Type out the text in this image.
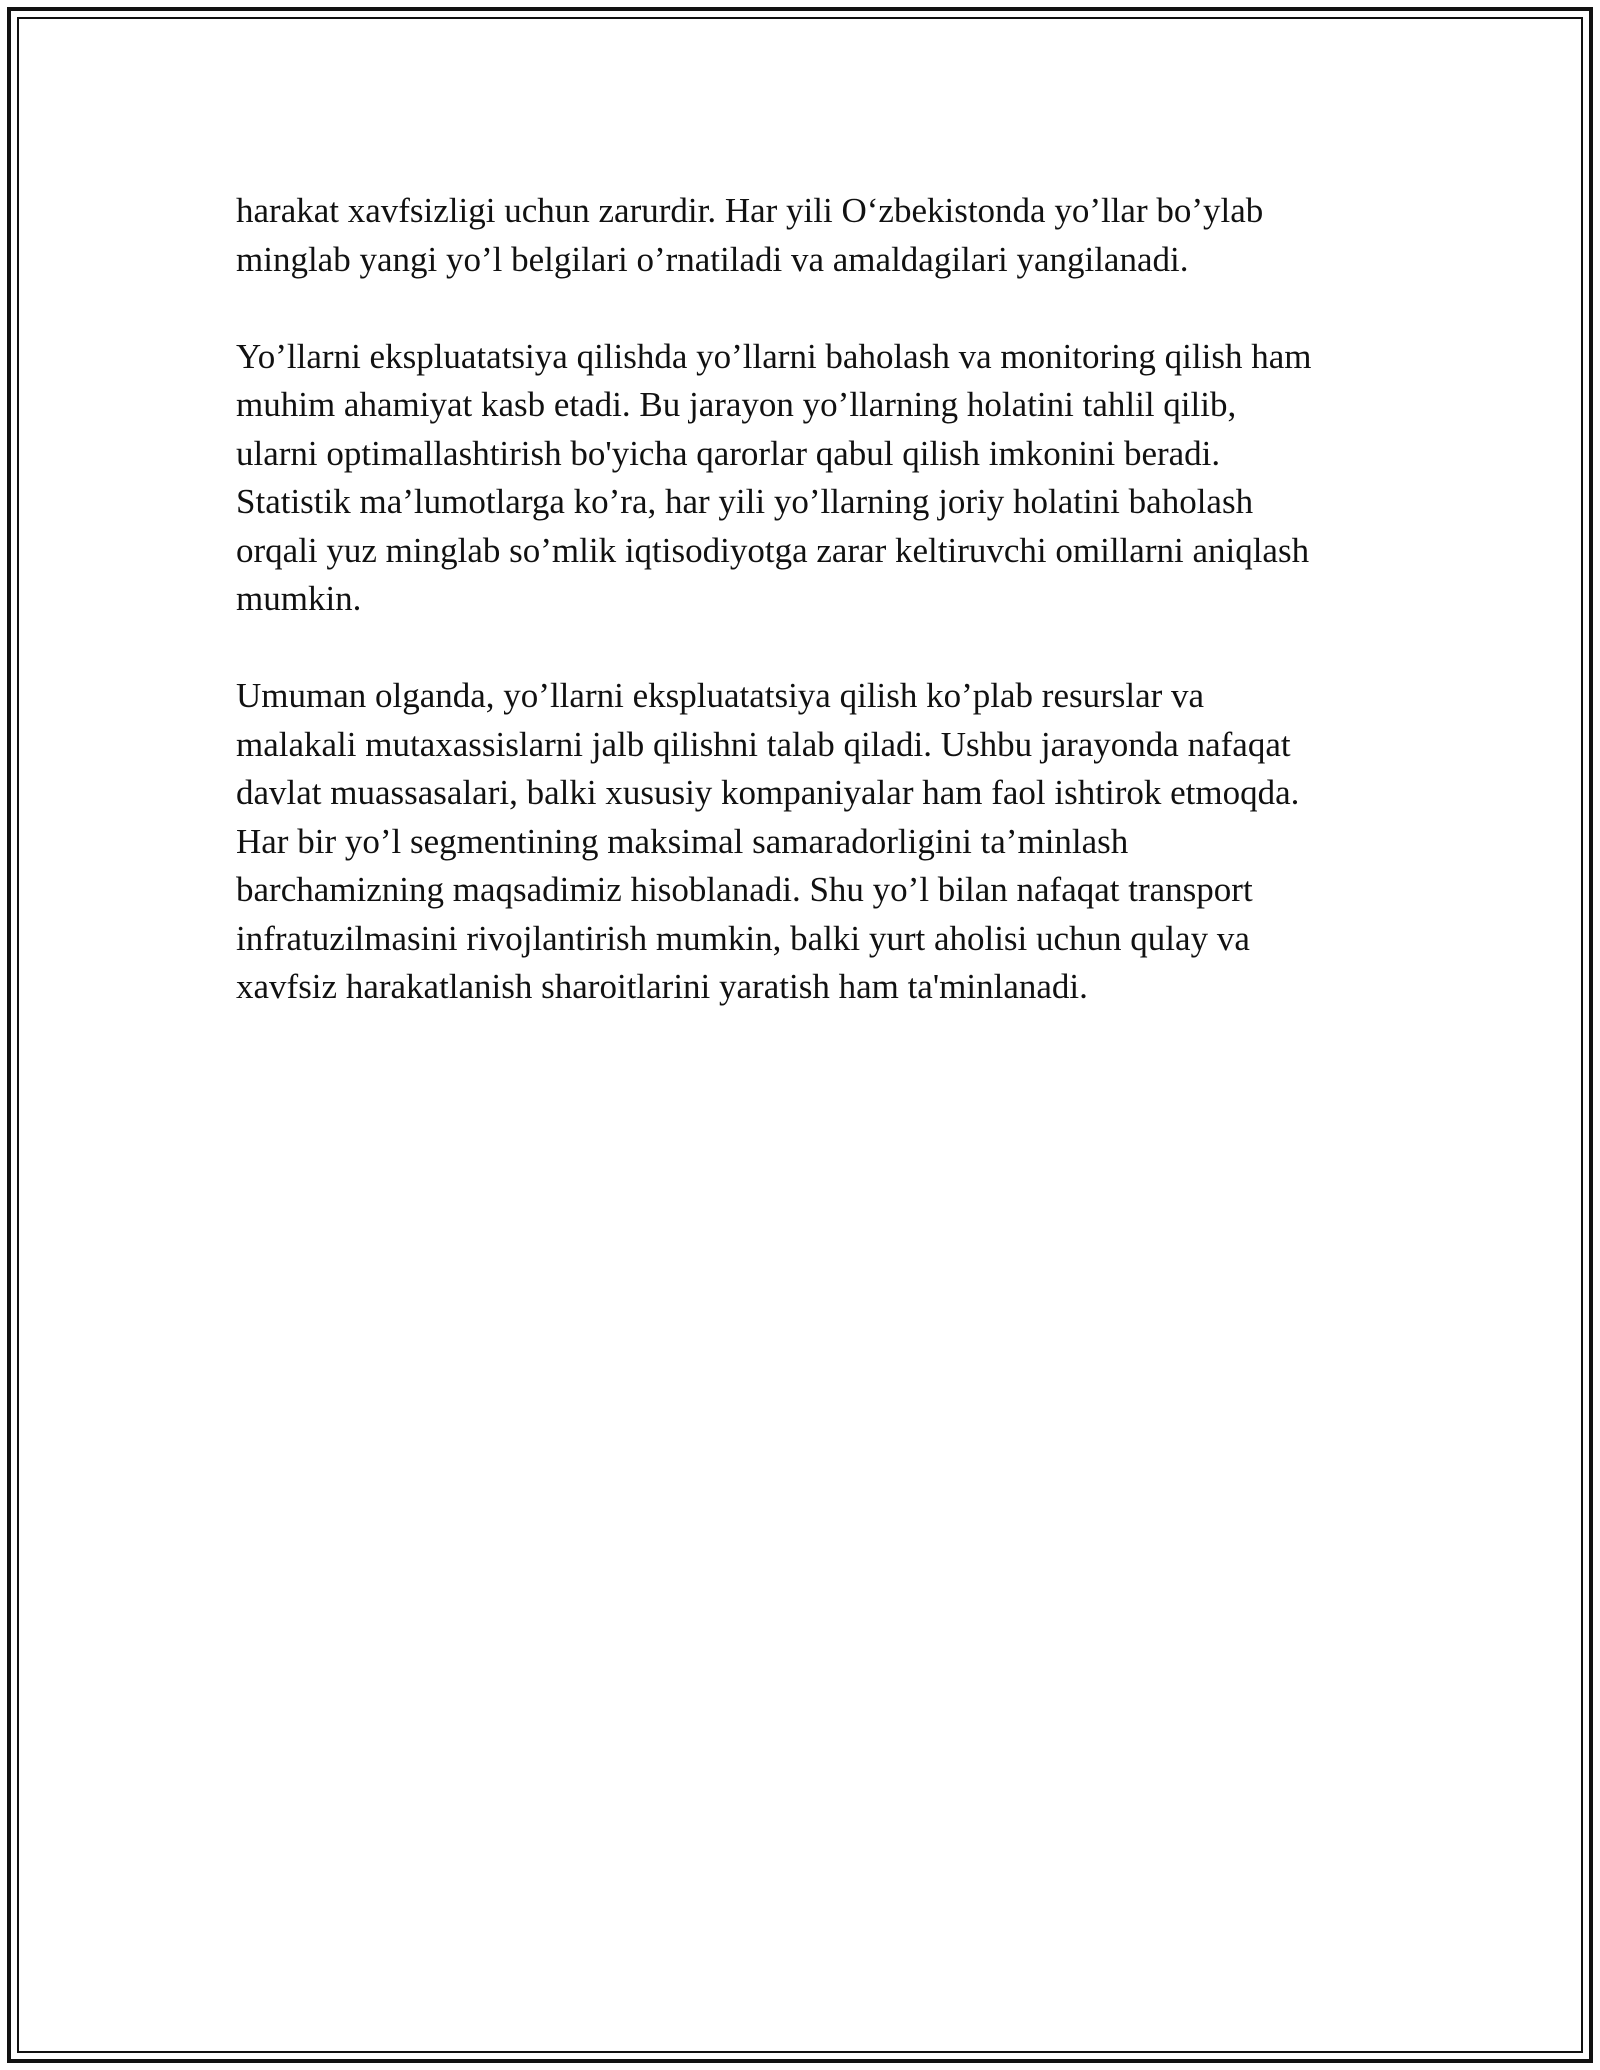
harakat xavfsizligi uchun zarurdir. Har yili O‘zbekistonda yo’llar bo’ylab

minglab yangi yo’l belgilari o’rnatiladi va amaldagilari yangilanadi.

Yo’llarni ekspluatatsiya qilishda yo’llarni baholash va monitoring qilish ham

muhim ahamiyat kasb etadi. Bu jarayon yo’llarning holatini tahlil qilib,

ularni optimallashtirish bo'yicha qarorlar qabul qilish imkonini beradi.

Statistik ma’lumotlarga ko’ra, har yili yo’llarning joriy holatini baholash

orqali yuz minglab so’mlik iqtisodiyotga zarar keltiruvchi omillarni aniqlash

mumkin.

Umuman olganda, yo’llarni ekspluatatsiya qilish ko’plab resurslar va

malakali mutaxassislarni jalb qilishni talab qiladi. Ushbu jarayonda nafaqat

davlat muassasalari, balki xususiy kompaniyalar ham faol ishtirok etmoqda.

Har bir yo’l segmentining maksimal samaradorligini ta’minlash

barchamizning maqsadimiz hisoblanadi. Shu yo’l bilan nafaqat transport

infratuzilmasini rivojlantirish mumkin, balki yurt aholisi uchun qulay va

xavfsiz harakatlanish sharoitlarini yaratish ham ta'minlanadi.
